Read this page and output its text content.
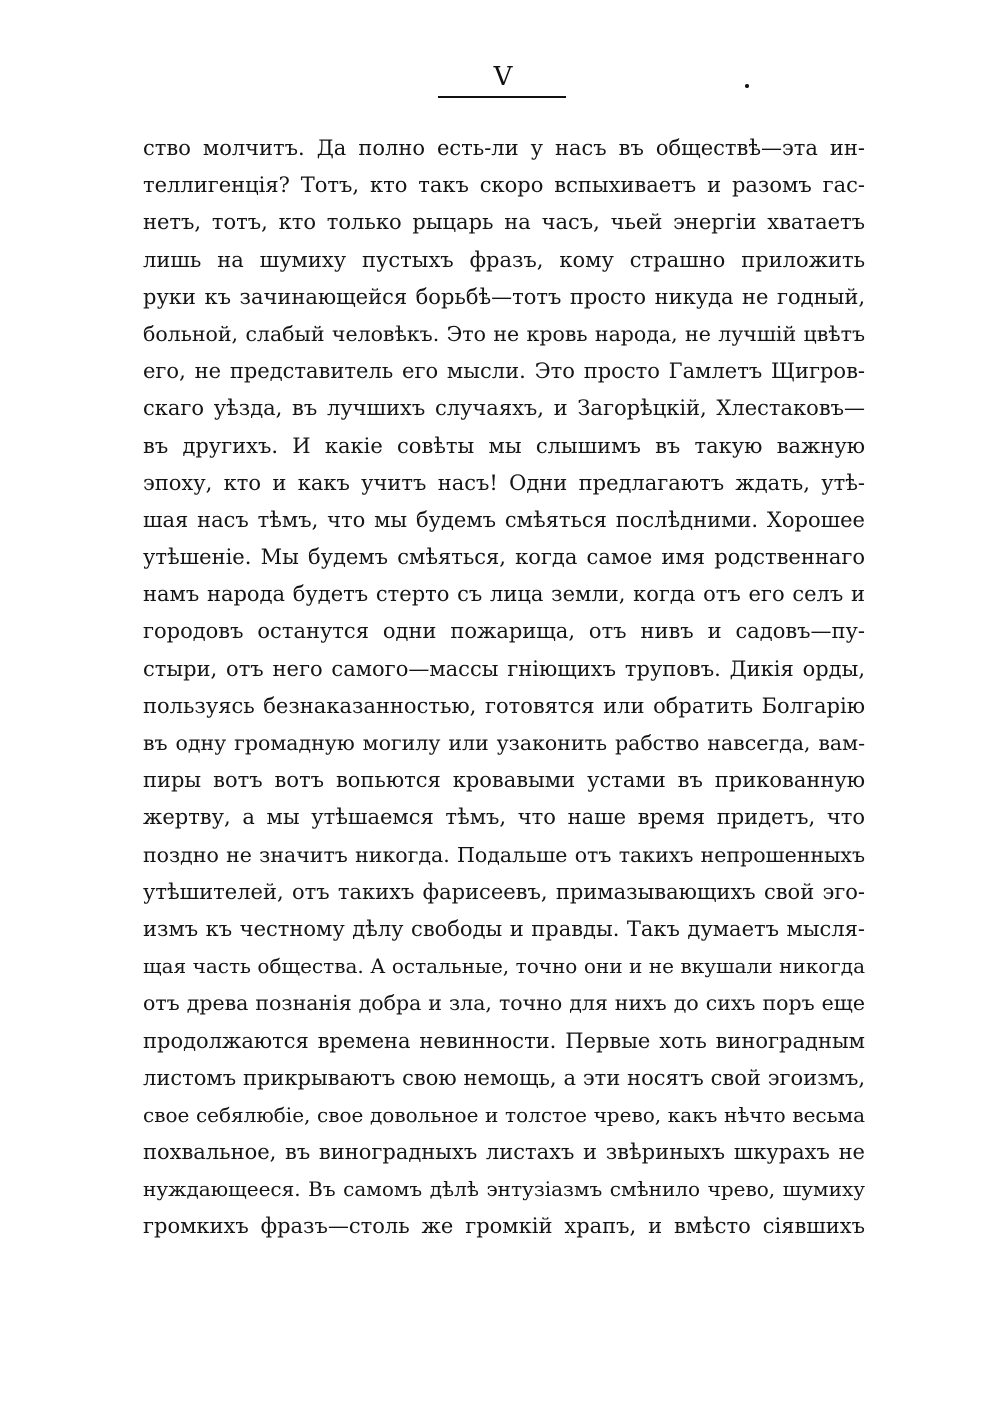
V
ство молчитъ. Да полно есть-ли у насъ въ обществѣ—эта ин-
теллигенція? Тотъ, кто такъ скоро вспыхиваетъ и разомъ гас-
нетъ, тотъ, кто только рыцарь на часъ, чьей энергіи хватаетъ
лишь на шумиху пустыхъ фразъ, кому страшно приложить
руки къ зачинающейся борьбѣ—тотъ просто никуда не годный,
больной, слабый человѣкъ. Это не кровь народа, не лучшій цвѣтъ
его, не представитель его мысли. Это просто Гамлетъ Щигров-
скаго уѣзда, въ лучшихъ случаяхъ, и Загорѣцкій, Хлестаковъ—
въ другихъ. И какіе совѣты мы слышимъ въ такую важную
эпоху, кто и какъ учитъ насъ! Одни предлагаютъ ждать, утѣ-
шая насъ тѣмъ, что мы будемъ смѣяться послѣдними. Хорошее
утѣшеніе. Мы будемъ смѣяться, когда самое имя родственнаго
намъ народа будетъ стерто съ лица земли, когда отъ его селъ и
городовъ останутся одни пожарища, отъ нивъ и садовъ—пу-
стыри, отъ него самого—массы гніющихъ труповъ. Дикія орды,
пользуясь безнаказанностью, готовятся или обратить Болгарію
въ одну громадную могилу или узаконить рабство навсегда, вам-
пиры вотъ вотъ вопьются кровавыми устами въ прикованную
жертву, а мы утѣшаемся тѣмъ, что наше время придетъ, что
поздно не значитъ никогда. Подальше отъ такихъ непрошенныхъ
утѣшителей, отъ такихъ фарисеевъ, примазывающихъ свой эго-
измъ къ честному дѣлу свободы и правды. Такъ думаетъ мысля-
щая часть общества. А остальные, точно они и не вкушали никогда
отъ древа познанія добра и зла, точно для нихъ до сихъ поръ еще
продолжаются времена невинности. Первые хоть виноградным
листомъ прикрываютъ свою немощь, а эти носятъ свой эгоизмъ,
свое себялюбіе, свое довольное и толстое чрево, какъ нѣчто весьма
похвальное, въ виноградныхъ листахъ и звѣриныхъ шкурахъ не
нуждающееся. Въ самомъ дѣлѣ энтузіазмъ смѣнило чрево, шумиху
громкихъ фразъ—столь же громкій храпъ, и вмѣсто сіявшихъ
